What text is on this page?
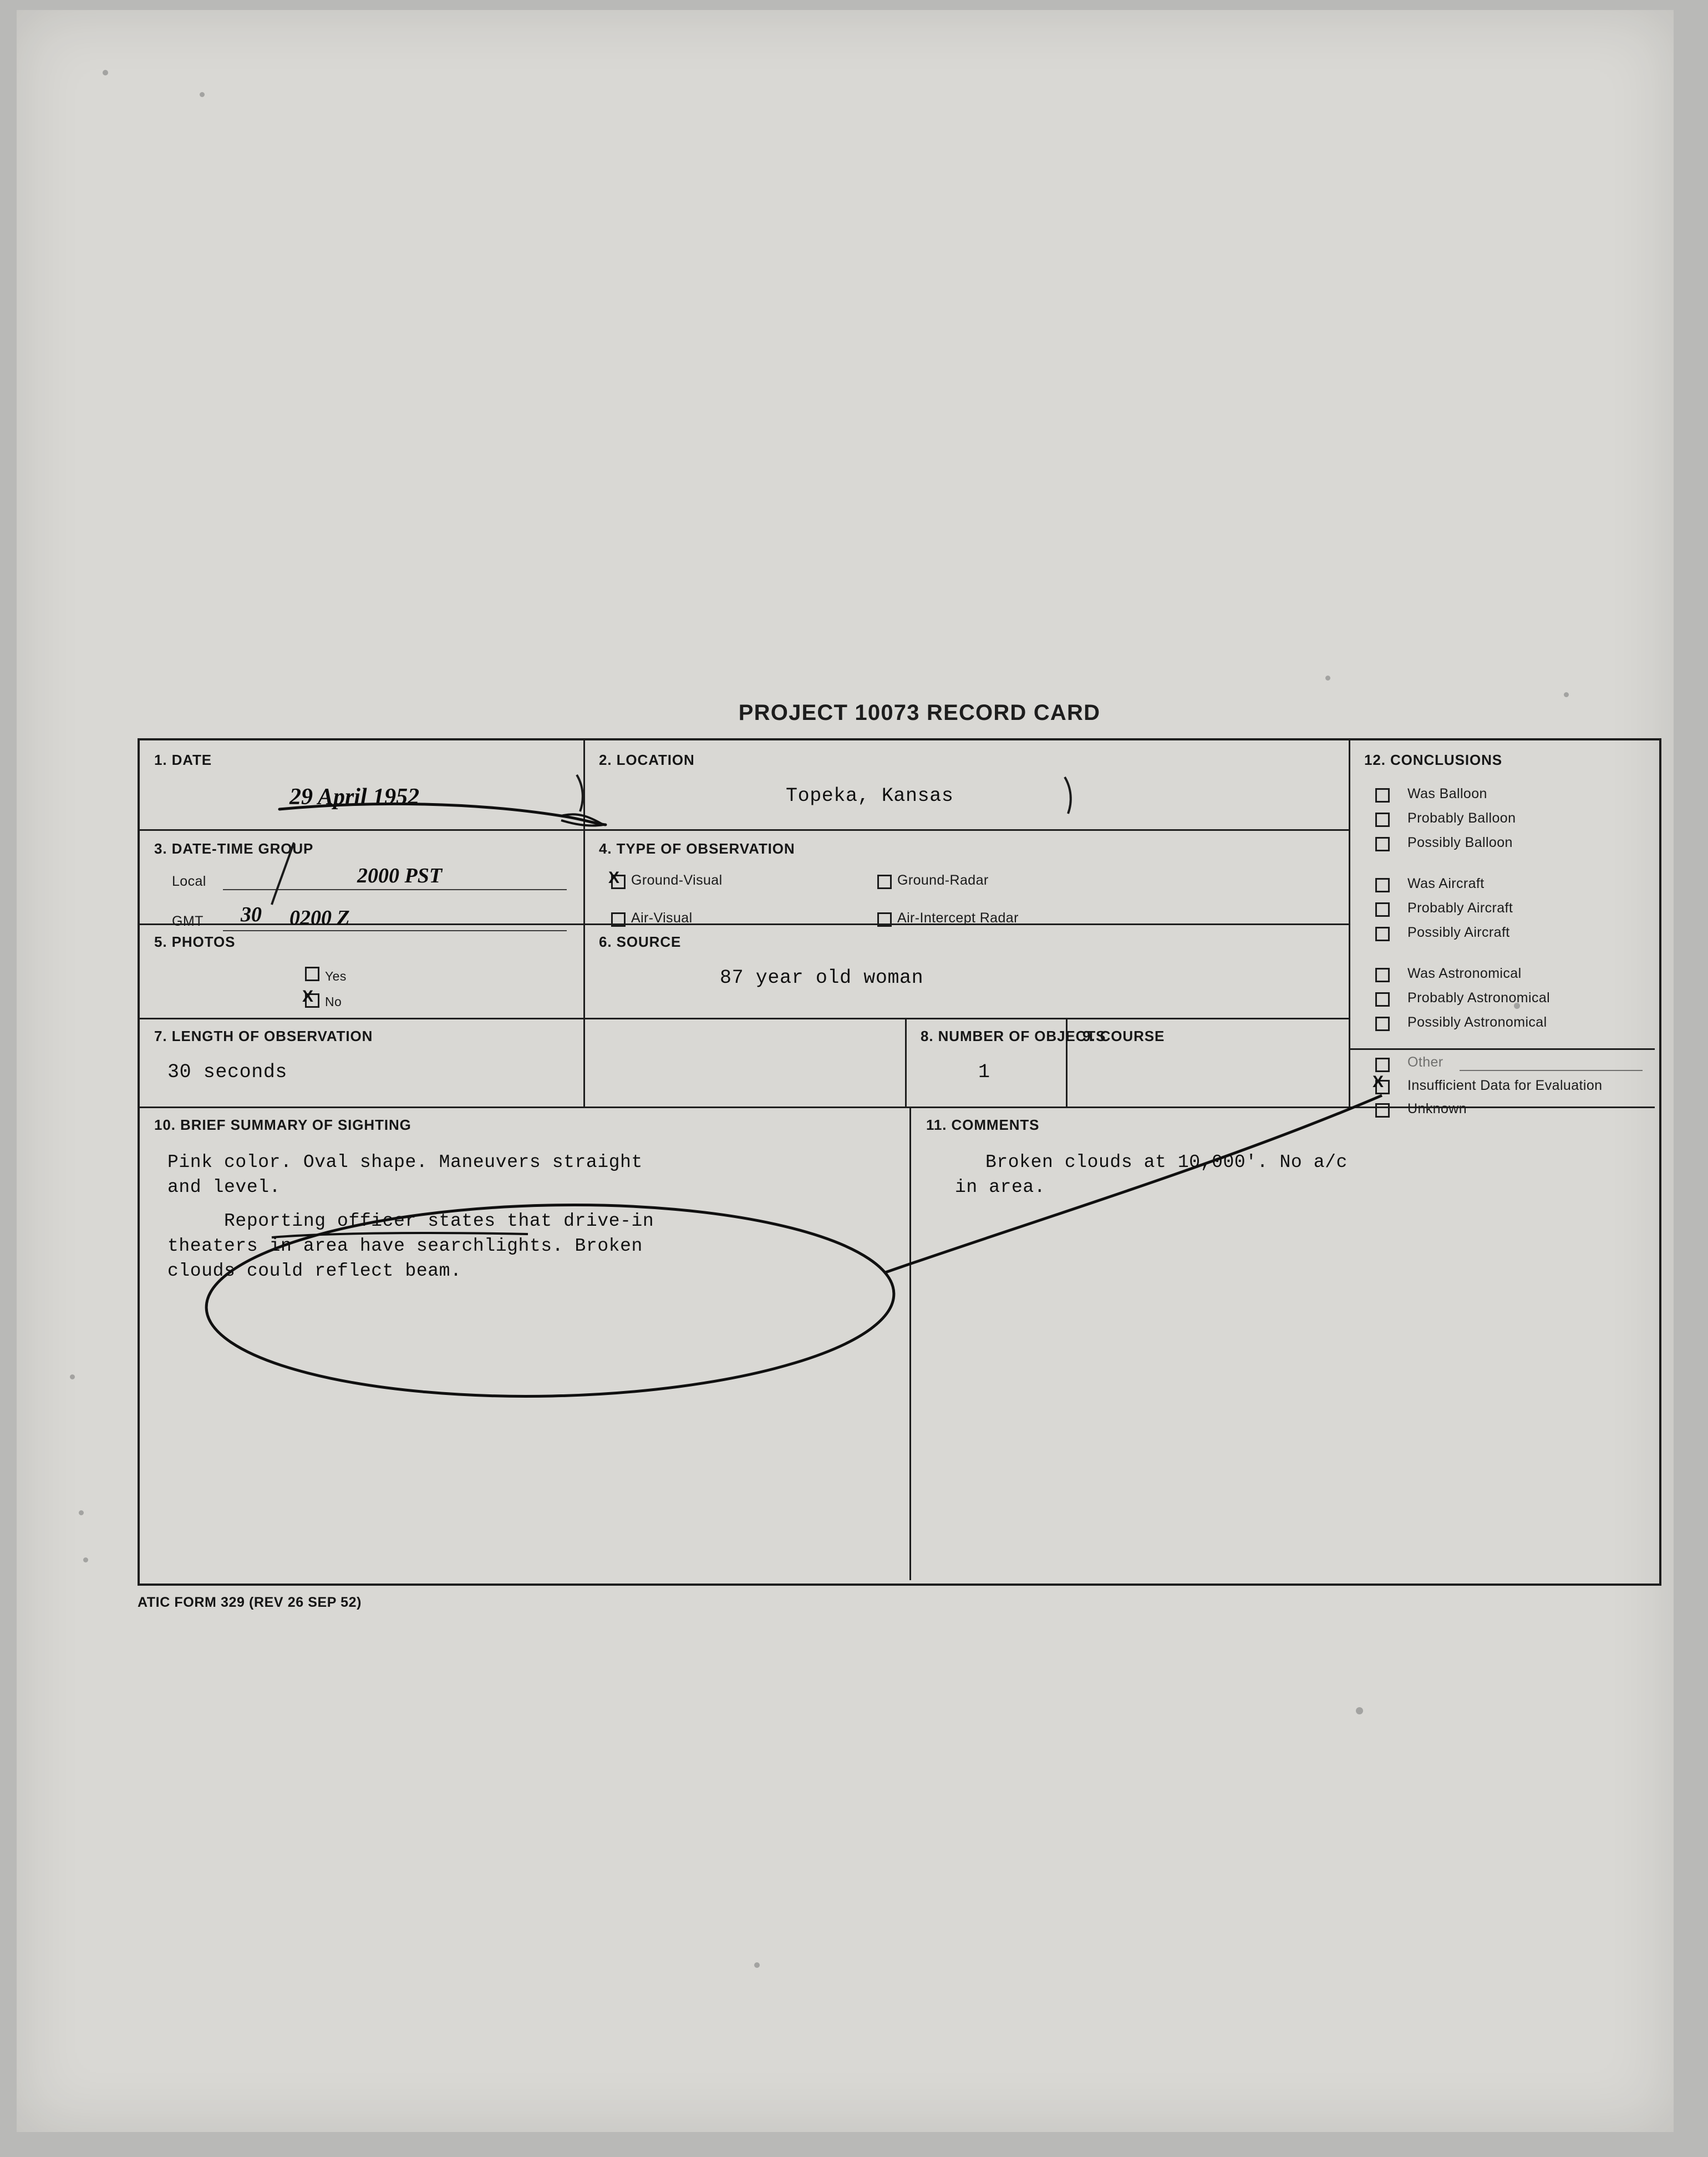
PROJECT 10073 RECORD CARD
1. DATE
29 April 1952
2. LOCATION
Topeka, Kansas
3. DATE-TIME GROUP
Local	2000 PST
GMT 30 0200 Z
4. TYPE OF OBSERVATION
X Ground-Visual
Air-Visual
Ground-Radar
Air-Intercept Radar
5. PHOTOS
Yes
X No
6. SOURCE
87 year old woman
7. LENGTH OF OBSERVATION
30 seconds
8. NUMBER OF OBJECTS
1
9. COURSE
10. BRIEF SUMMARY OF SIGHTING
Pink color. Oval shape. Maneuvers straight
and level.
Reporting officer states that drive-in
theaters in area have searchlights. Broken
clouds could reflect beam.
11. COMMENTS
Broken clouds at 10,000'. No a/c
in area.
12. CONCLUSIONS
Was Balloon
Probably Balloon
Possibly Balloon
Was Aircraft
Probably Aircraft
Possibly Aircraft
Was Astronomical
Probably Astronomical
Possibly Astronomical
Other
X Insufficient Data for Evaluation
Unknown
ATIC FORM 329 (REV 26 SEP 52)
